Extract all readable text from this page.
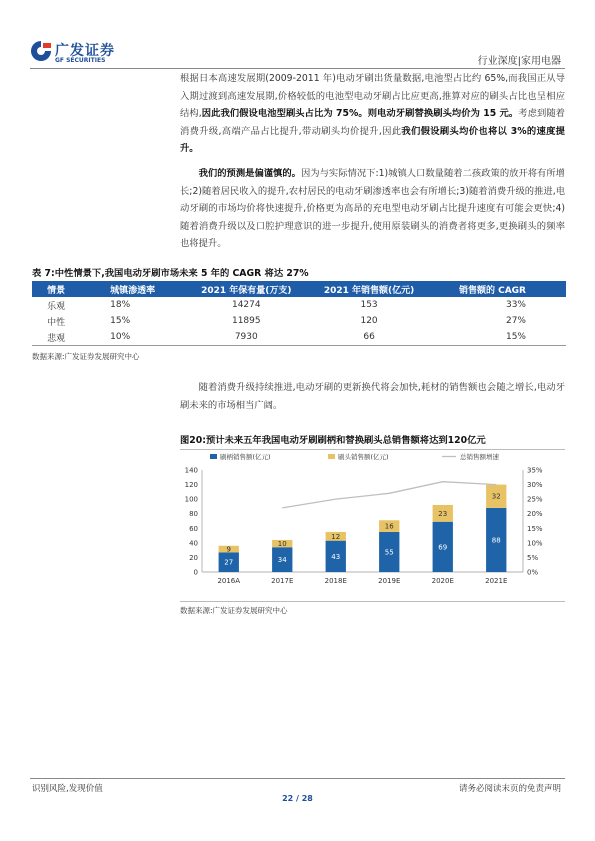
广发证券
GF SECURITIES	行业深度|家用电器
根据日本高速发展期(2009-2011 年)电动牙刷出货量数据,电池型占比约 65%,而我国正从导入期过渡到高速发展期,价格较低的电池型电动牙刷占比应更高,推算对应的刷头占比也呈相应结构,因此我们假设电池型刷头占比为 75%。则电动牙刷替换刷头均价为 15 元。考虑到随着消费升级,高端产品占比提升,带动刷头均价提升,因此我们假设刷头均价也将以 3%的速度提升。
我们的预测是偏谨慎的。因为与实际情况下:1)城镇人口数量随着二孩政策的放开将有所增长;2)随着居民收入的提升,农村居民的电动牙刷渗透率也会有所增长;3)随着消费升级的推进,电动牙刷的市场均价将快速提升,价格更为高昂的充电型电动牙刷占比提升速度有可能会更快;4)随着消费升级以及口腔护理意识的进一步提升,使用原装刷头的消费者将更多,更换刷头的频率也将提升。
表 7:中性情景下,我国电动牙刷市场未来 5 年的 CAGR 将达 27%
情景	城镇渗透率	2021 年保有量(万支)	2021 年销售额(亿元)	销售额的 CAGR
乐观	18%	14274	153	33%
中性	15%	11895	120	27%
悲观	10%	7930	66	15%
数据来源:广发证券发展研究中心
随着消费升级持续推进,电动牙刷的更新换代将会加快,耗材的销售额也会随之增长,电动牙刷未来的市场相当广阔。
图20:预计未来五年我国电动牙刷刷柄和替换刷头总销售额将达到120亿元
0
20
40
60
80
100
120
140
0%
5%
10%
15%
20%
25%
30%
35%
27
9
2016A
34
10
2017E
43
12
2018E
55
16
2019E
69
23
2020E
88
32
2021E
刷柄销售额(亿元)	刷头销售额(亿元)	总销售额增速
数据来源:广发证券发展研究中心
识别风险,发现价值	请务必阅读末页的免责声明
22 / 28
